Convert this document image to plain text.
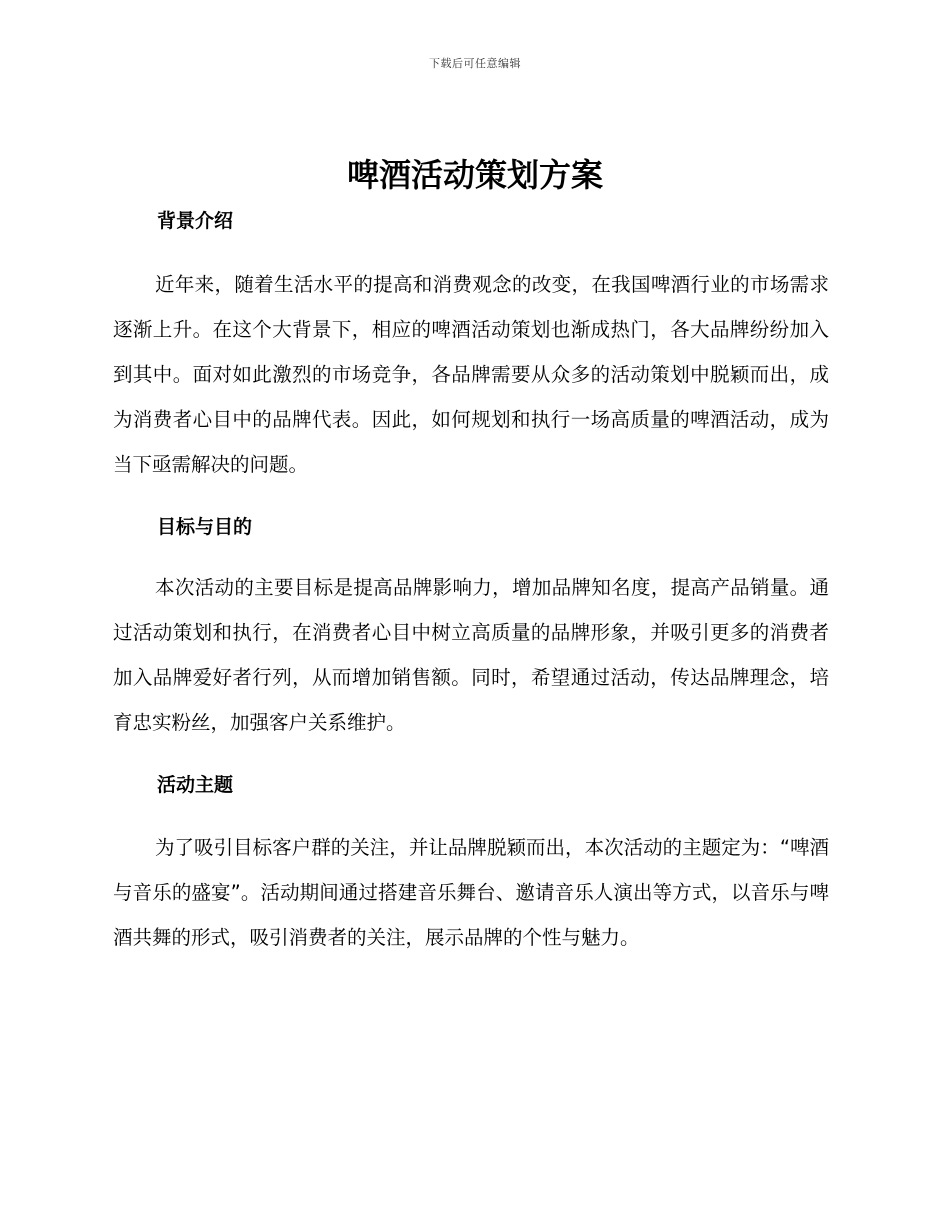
下载后可任意编辑
啤酒活动策划方案
背景介绍

近年来，随着生活水平的提高和消费观念的改变，在我国啤酒行业的市场需求逐渐上升。在这个大背景下，相应的啤酒活动策划也渐成热门，各大品牌纷纷加入到其中。面对如此激烈的市场竞争，各品牌需要从众多的活动策划中脱颖而出，成为消费者心目中的品牌代表。因此，如何规划和执行一场高质量的啤酒活动，成为当下亟需解决的问题。

目标与目的

本次活动的主要目标是提高品牌影响力，增加品牌知名度，提高产品销量。通过活动策划和执行，在消费者心目中树立高质量的品牌形象，并吸引更多的消费者加入品牌爱好者行列，从而增加销售额。同时，希望通过活动，传达品牌理念，培育忠实粉丝，加强客户关系维护。

活动主题

为了吸引目标客户群的关注，并让品牌脱颖而出，本次活动的主题定为：“啤酒与音乐的盛宴”。活动期间通过搭建音乐舞台、邀请音乐人演出等方式，以音乐与啤酒共舞的形式，吸引消费者的关注，展示品牌的个性与魅力。
